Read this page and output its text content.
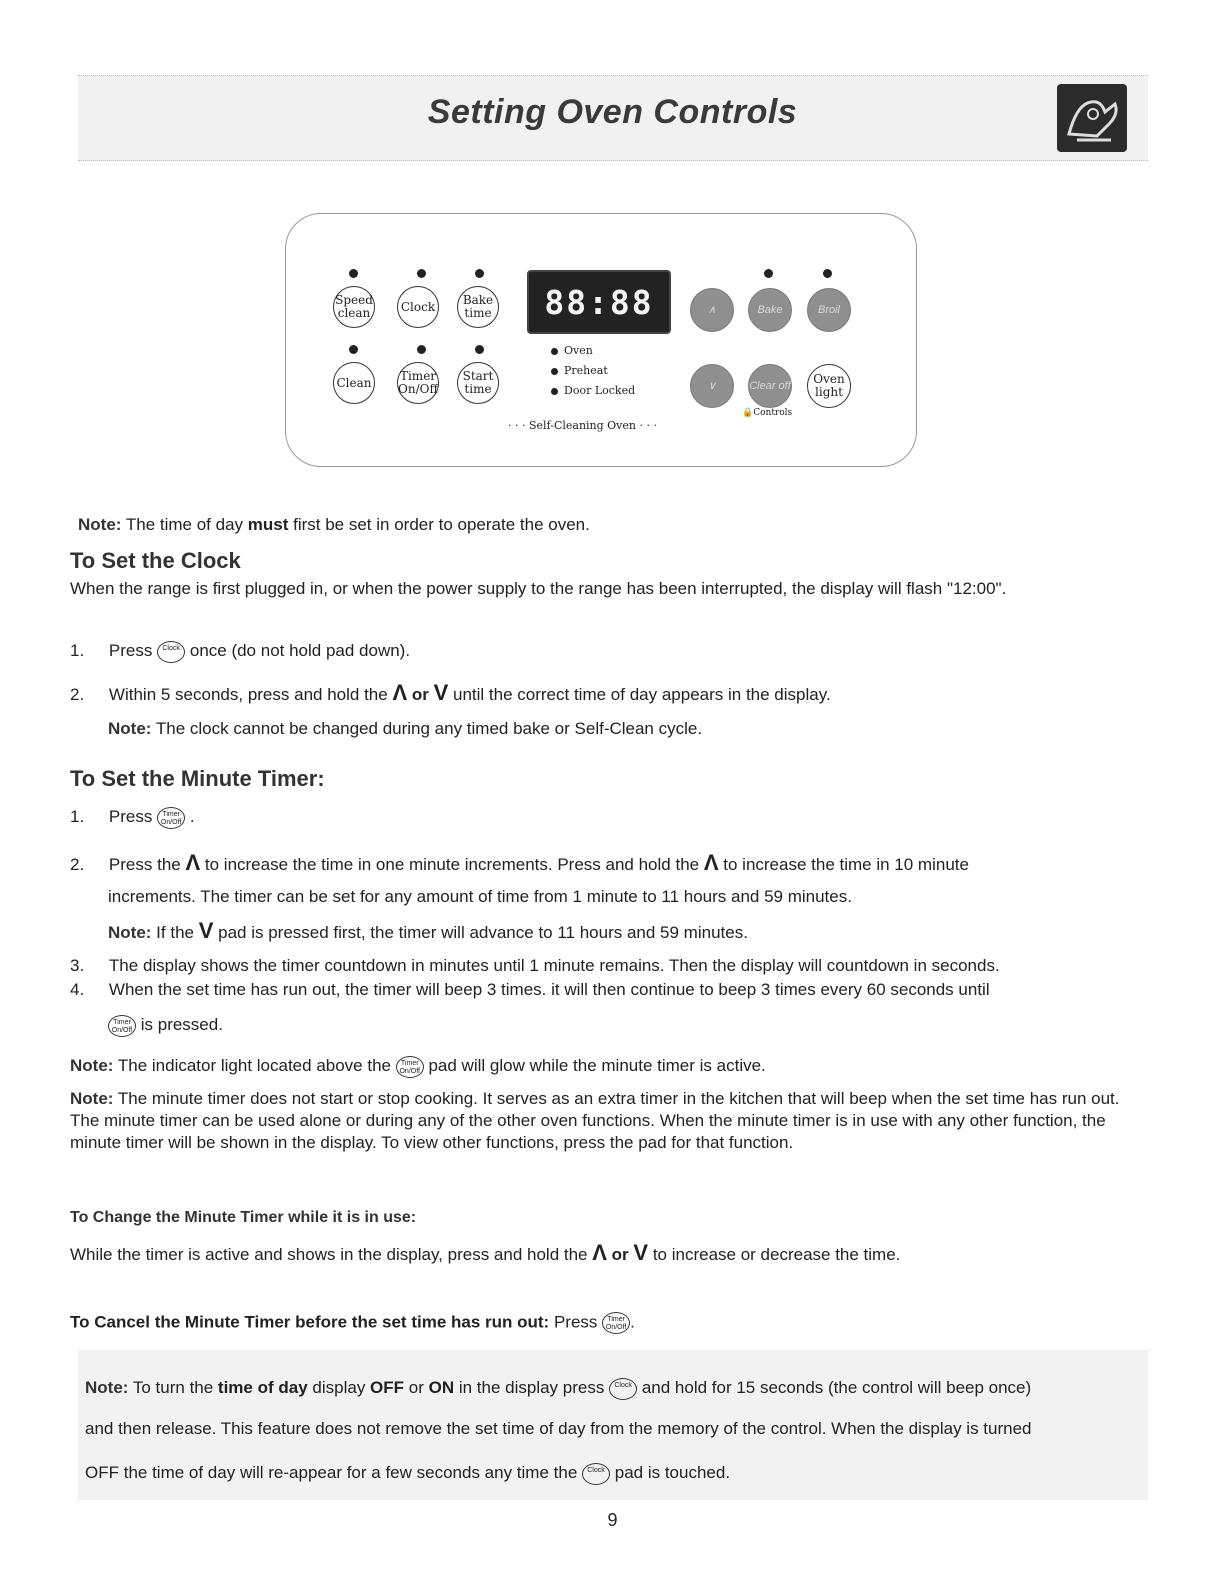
Setting Oven Controls
Speed clean	Clock	Bake time	88:88	∧	Bake	Broil
Clean Timer On/Off
Start time
Oven
Preheat
Door Locked	∨	Clear off	Oven light
· · · Self-Cleaning Oven · · ·
🔒Controls
Note: The time of day must first be set in order to operate the oven.
To Set the Clock
When the range is first plugged in, or when the power supply to the range has been interrupted, the display will flash "12:00".
1. Press Clock once (do not hold pad down).
2. Within 5 seconds, press and hold the Λ or V until the correct time of day appears in the display.
Note: The clock cannot be changed during any timed bake or Self-Clean cycle.
To Set the Minute Timer:
1. Press Timer On/Off .
2. Press the Λ to increase the time in one minute increments. Press and hold the Λ to increase the time in 10 minute
increments. The timer can be set for any amount of time from 1 minute to 11 hours and 59 minutes.
Note: If the V pad is pressed first, the timer will advance to 11 hours and 59 minutes.
3. The display shows the timer countdown in minutes until 1 minute remains. Then the display will countdown in seconds.
4. When the set time has run out, the timer will beep 3 times. it will then continue to beep 3 times every 60 seconds until
Timer
On/Off is pressed.
Note: The indicator light located above the Timer
On/Off pad will glow while the minute timer is active.
Note: The minute timer does not start or stop cooking. It serves as an extra timer in the kitchen that will beep when the set time has run out. The minute timer can be used alone or during any of the other oven functions. When the minute timer is in use with any other function, the minute timer will be shown in the display. To view other functions, press the pad for that function.
To Change the Minute Timer while it is in use:
While the timer is active and shows in the display, press and hold the Λ or V to increase or decrease the time.
To Cancel the Minute Timer before the set time has run out: Press Timer
On/Off .
Note: To turn the time of day display OFF or ON in the display press Clock and hold for 15 seconds (the control will beep once)
and then release. This feature does not remove the set time of day from the memory of the control. When the display is turned
OFF the time of day will re-appear for a few seconds any time the Clock pad is touched.
9
